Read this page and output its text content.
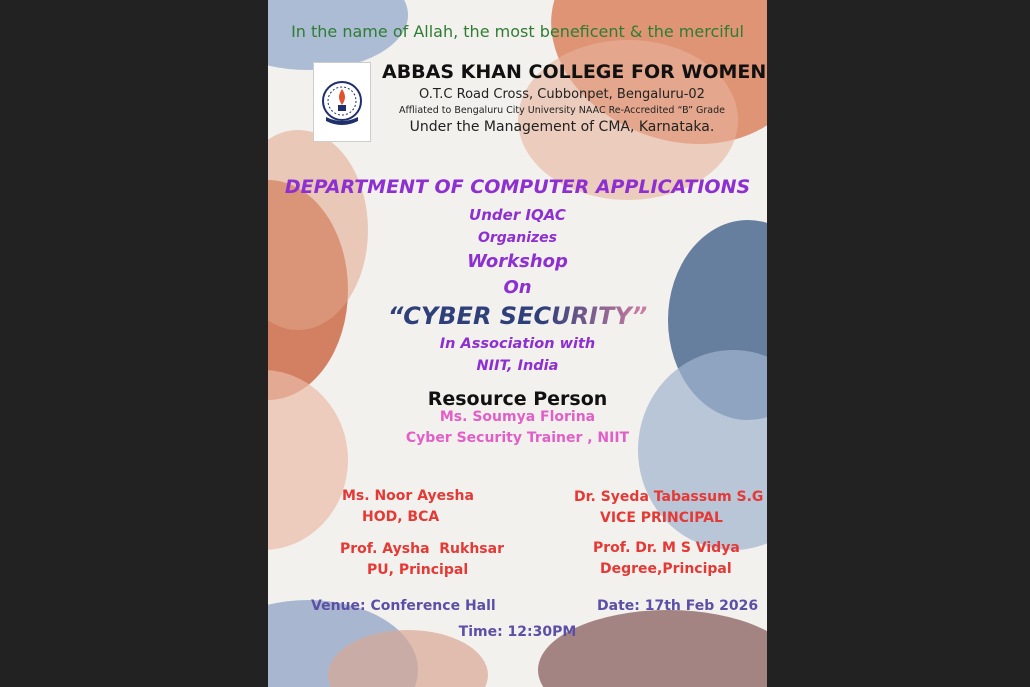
In the name of Allah, the most beneficent & the merciful
ABBAS KHAN COLLEGE FOR WOMEN
O.T.C Road Cross, Cubbonpet, Bengaluru-02
Affliated to Bengaluru City University NAAC Re-Accredited “B” Grade
Under the Management of CMA, Karnataka.
DEPARTMENT OF COMPUTER APPLICATIONS
Under IQAC
Organizes
Workshop
On
“CYBER SECURITY”
In Association with
NIIT, India
Resource Person
Ms. Soumya Florina
Cyber Security Trainer , NIIT
Ms. Noor Ayesha
HOD, BCA
Dr. Syeda Tabassum S.G
VICE PRINCIPAL
Prof. Aysha  Rukhsar
PU, Principal
Prof. Dr. M S Vidya
Degree,Principal
Venue: Conference Hall	Date: 17th Feb 2026
Time: 12:30PM
